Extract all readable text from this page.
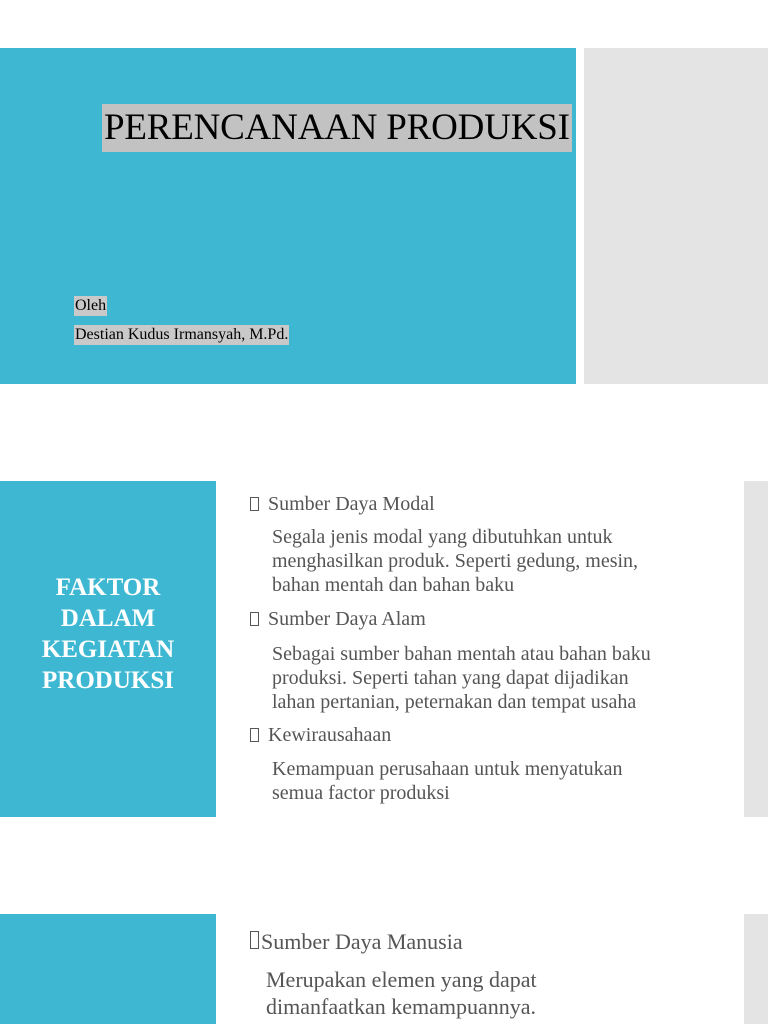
PERENCANAAN PRODUKSI
Oleh
Destian Kudus Irmansyah, M.Pd.
FAKTOR
DALAM
KEGIATAN
PRODUKSI
Sumber Daya Modal
Segala jenis modal yang dibutuhkan untuk
menghasilkan produk. Seperti gedung, mesin,
bahan mentah dan bahan baku
Sumber Daya Alam
Sebagai sumber bahan mentah atau bahan baku
produksi. Seperti tahan yang dapat dijadikan
lahan pertanian, peternakan dan tempat usaha
Kewirausahaan
Kemampuan perusahaan untuk menyatukan
semua factor produksi
Sumber Daya Manusia
Merupakan elemen yang dapat
dimanfaatkan kemampuannya.
